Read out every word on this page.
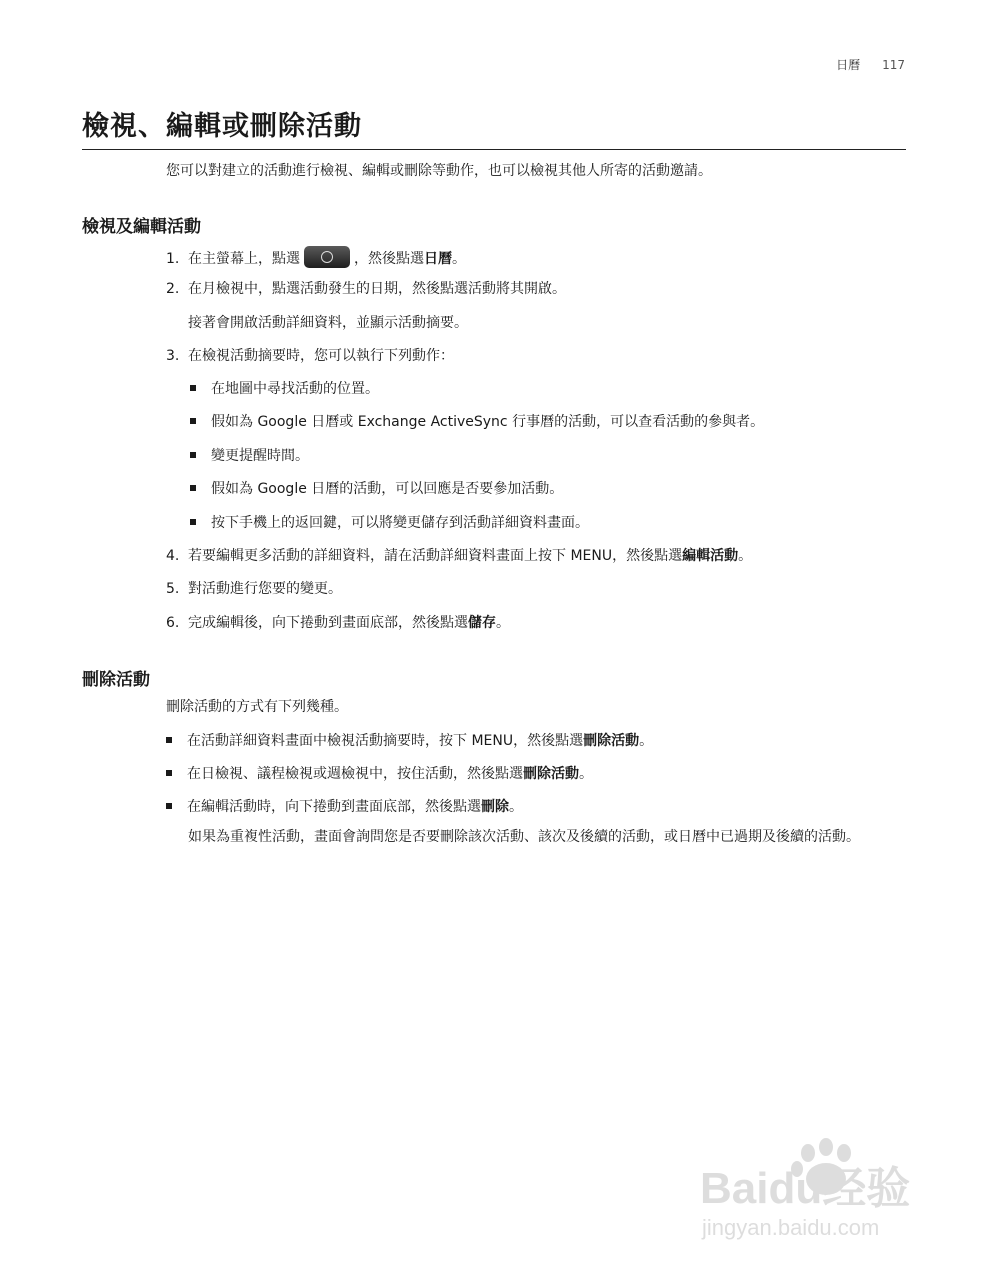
日曆 117
檢視、編輯或刪除活動

您可以對建立的活動進行檢視、編輯或刪除等動作，也可以檢視其他人所寄的活動邀請。

檢視及編輯活動

1. 在主螢幕上，點選	，然後點選日曆。

2. 在月檢視中，點選活動發生的日期，然後點選活動將其開啟。

接著會開啟活動詳細資料，並顯示活動摘要。

3. 在檢視活動摘要時，您可以執行下列動作：

在地圖中尋找活動的位置。

假如為 Google 日曆或 Exchange ActiveSync 行事曆的活動，可以查看活動的參與者。

變更提醒時間。

假如為 Google 日曆的活動，可以回應是否要參加活動。

按下手機上的返回鍵，可以將變更儲存到活動詳細資料畫面。

4. 若要編輯更多活動的詳細資料，請在活動詳細資料畫面上按下 MENU，然後點選編輯活動。

5. 對活動進行您要的變更。

6. 完成編輯後，向下捲動到畫面底部，然後點選儲存。

刪除活動

刪除活動的方式有下列幾種。

在活動詳細資料畫面中檢視活動摘要時，按下 MENU，然後點選刪除活動。

在日檢視、議程檢視或週檢視中，按住活動，然後點選刪除活動。

在編輯活動時，向下捲動到畫面底部，然後點選刪除。

如果為重複性活動，畫面會詢問您是否要刪除該次活動、該次及後續的活動，或日曆中已過期及後續的活動。

Baidu经验
jingyan.baidu.com
